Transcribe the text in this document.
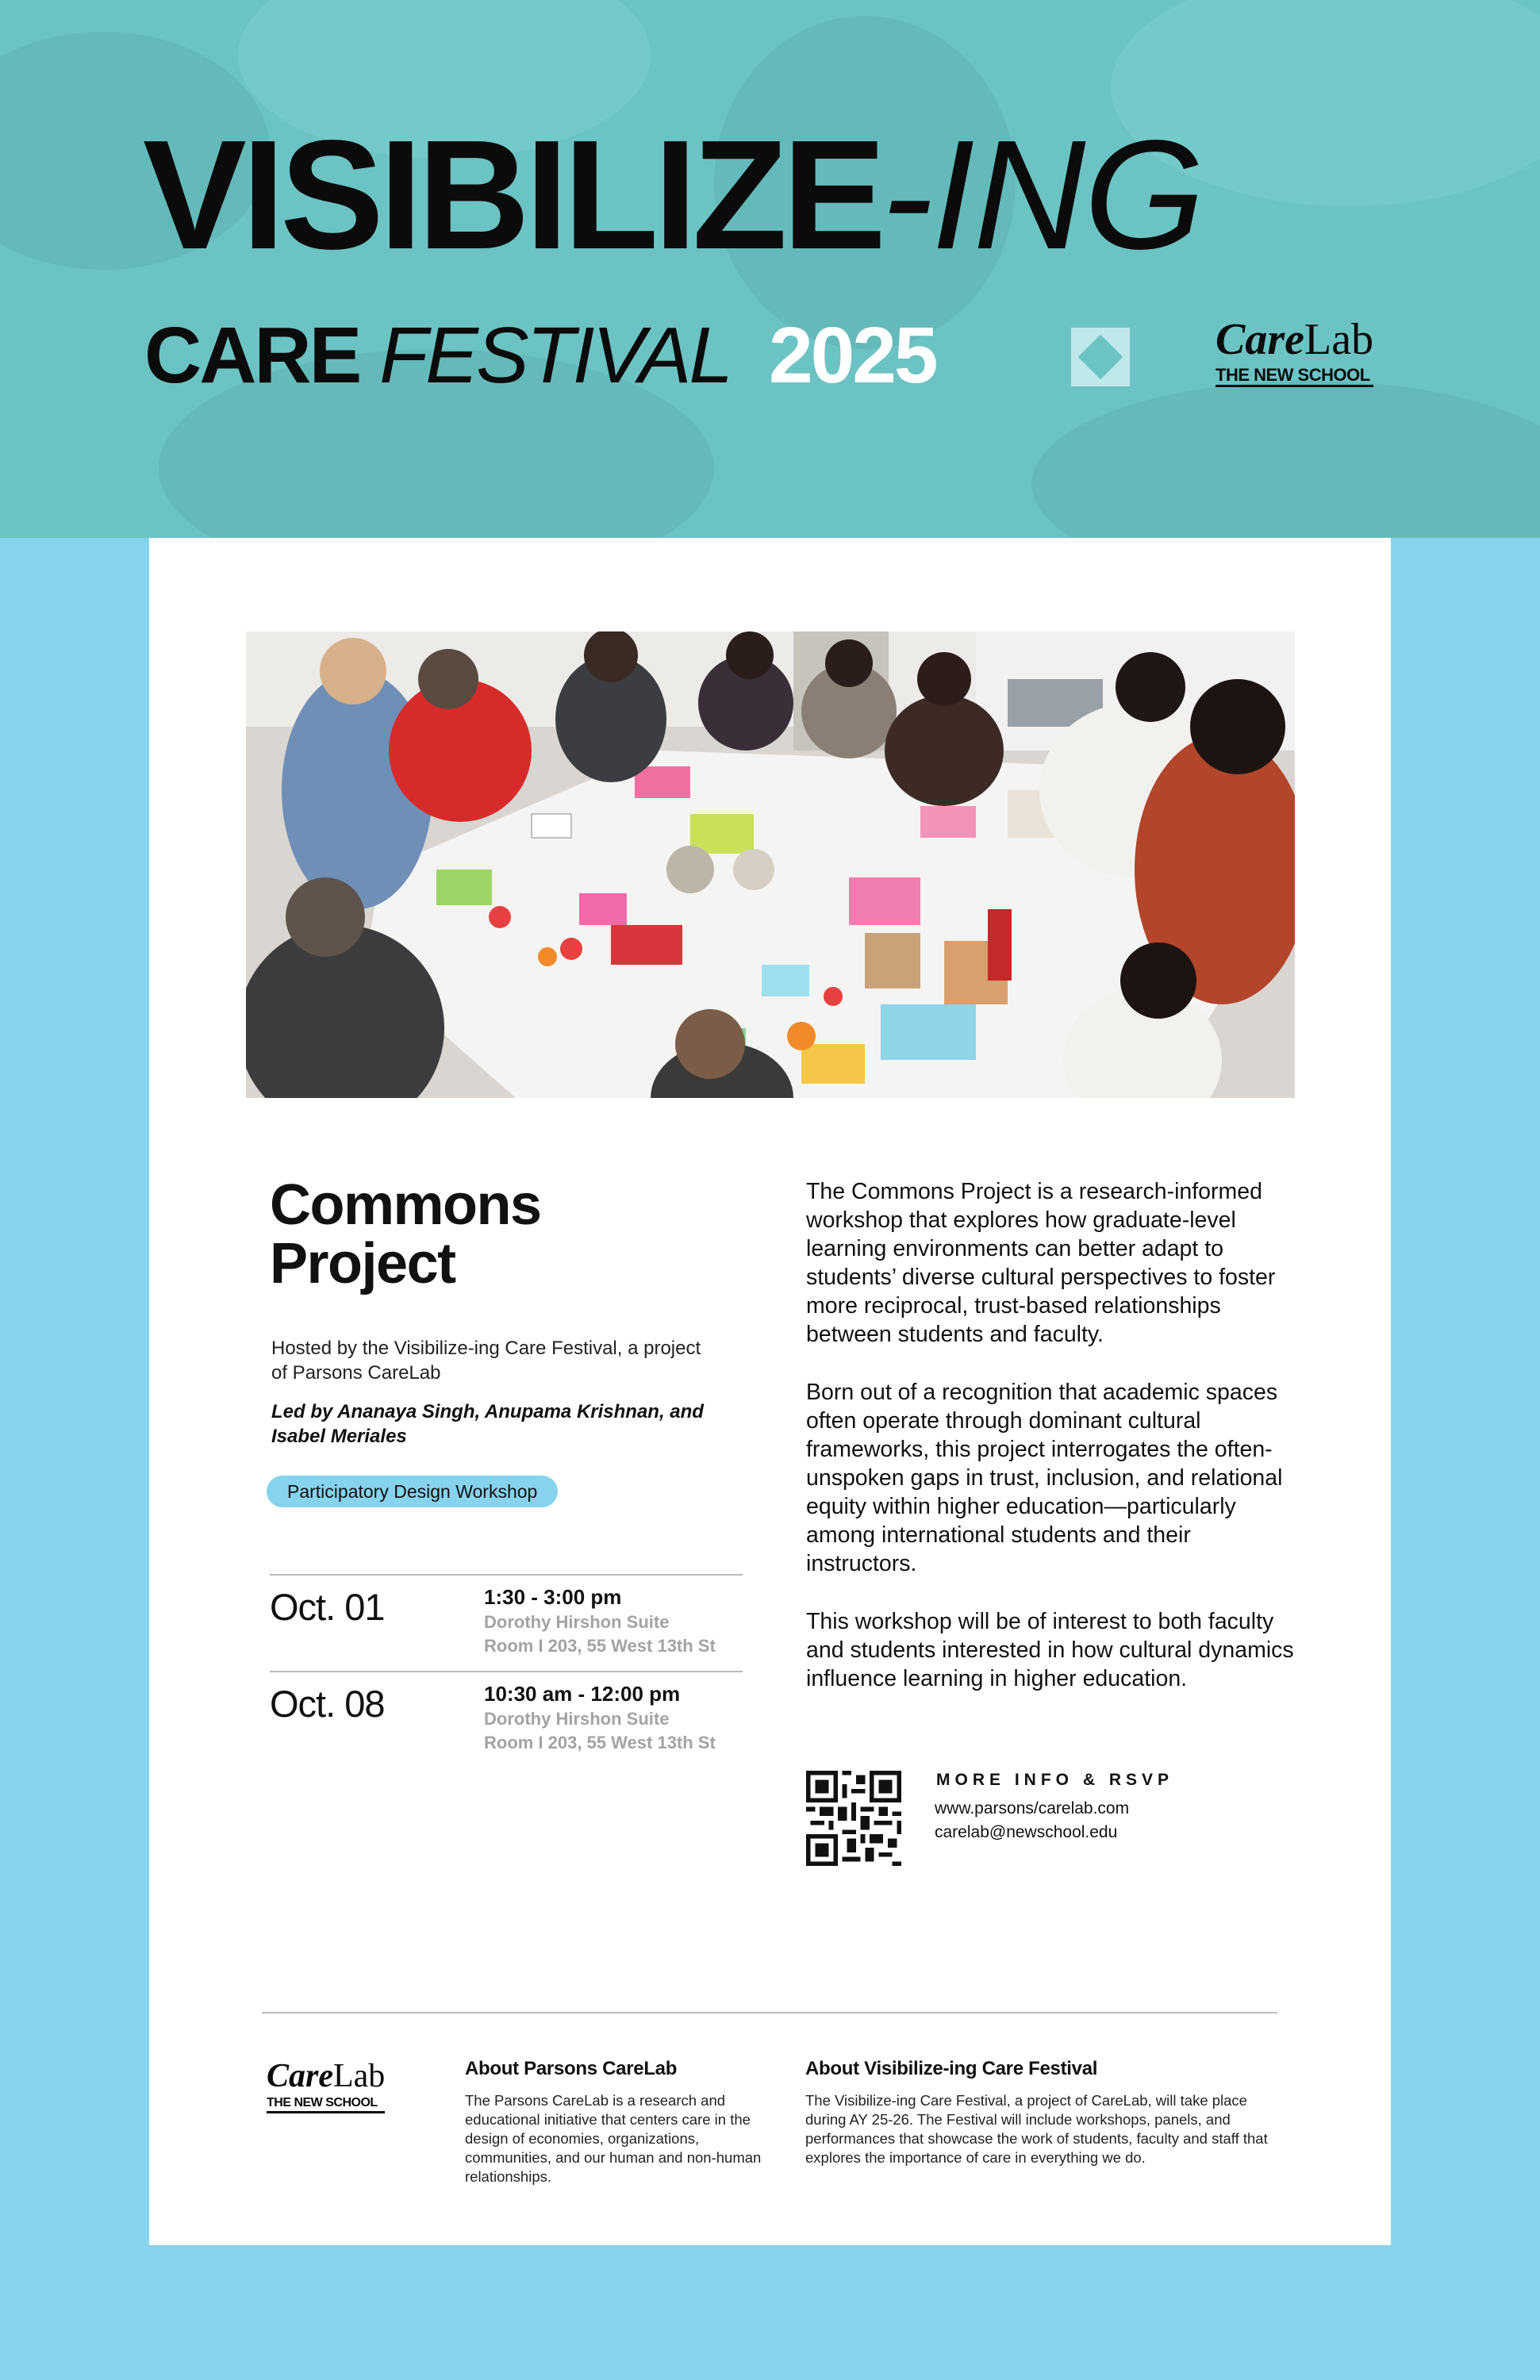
VISIBILIZE-ING
CARE FESTIVAL 2025	CareLab
THE NEW SCHOOL
Commons
Project
Hosted by the Visibilize-ing Care Festival, a project of Parsons CareLab
Led by Ananaya Singh, Anupama Krishnan, and Isabel Meriales
Participatory Design Workshop
Oct. 01	1:30 - 3:00 pm
Dorothy Hirshon Suite
Room I 203, 55 West 13th St
Oct. 08	10:30 am - 12:00 pm
Dorothy Hirshon Suite
Room I 203, 55 West 13th St

The Commons Project is a research-informed workshop that explores how graduate-level learning environments can better adapt to students’ diverse cultural perspectives to foster more reciprocal, trust-based relationships between students and faculty.

Born out of a recognition that academic spaces often operate through dominant cultural frameworks, this project interrogates the often-unspoken gaps in trust, inclusion, and relational equity within higher education—particularly among international students and their instructors.

This workshop will be of interest to both faculty and students interested in how cultural dynamics influence learning in higher education.

MORE INFO & RSVP
www.parsons/carelab.com
carelab@newschool.edu
CareLab
THE NEW SCHOOL
About Parsons CareLab
The Parsons CareLab is a research and educational initiative that centers care in the design of economies, organizations, communities, and our human and non-human relationships.
About Visibilize-ing Care Festival
The Visibilize-ing Care Festival, a project of CareLab, will take place during AY 25-26. The Festival will include workshops, panels, and performances that showcase the work of students, faculty and staff that explores the importance of care in everything we do.
